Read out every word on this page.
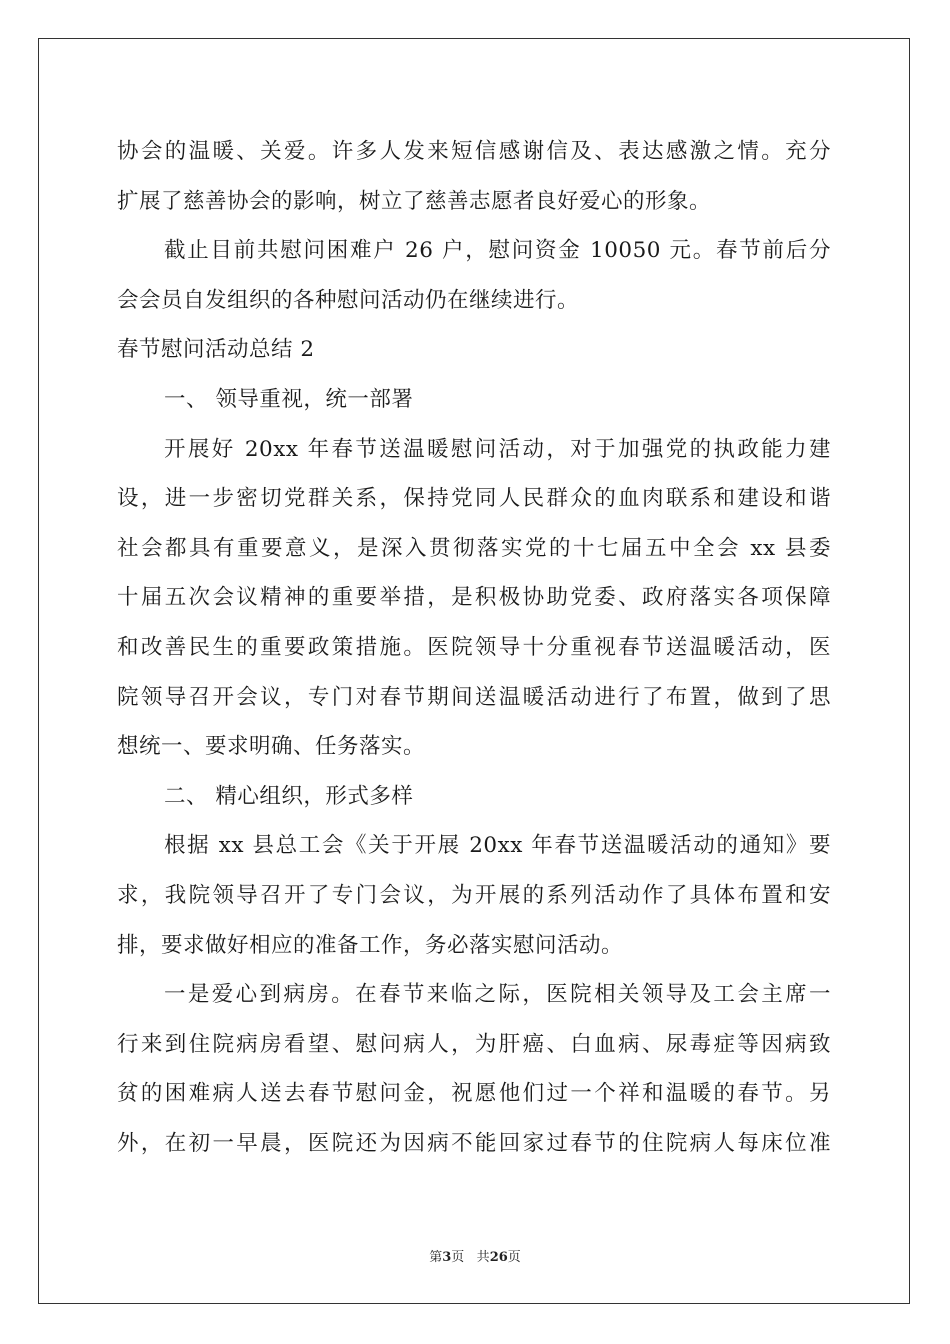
协会的温暖、关爱。许多人发来短信感谢信及、表达感激之情。充分
扩展了慈善协会的影响，树立了慈善志愿者良好爱心的形象。
截止目前共慰问困难户 26 户，慰问资金 10050 元。春节前后分
会会员自发组织的各种慰问活动仍在继续进行。
春节慰问活动总结 2
一、 领导重视，统一部署
开展好 20xx 年春节送温暖慰问活动，对于加强党的执政能力建
设，进一步密切党群关系，保持党同人民群众的血肉联系和建设和谐
社会都具有重要意义，是深入贯彻落实党的十七届五中全会 xx 县委
十届五次会议精神的重要举措，是积极协助党委、政府落实各项保障
和改善民生的重要政策措施。医院领导十分重视春节送温暖活动，医
院领导召开会议，专门对春节期间送温暖活动进行了布置，做到了思
想统一、要求明确、任务落实。
二、 精心组织，形式多样
根据 xx 县总工会《关于开展 20xx 年春节送温暖活动的通知》要
求，我院领导召开了专门会议，为开展的系列活动作了具体布置和安
排，要求做好相应的准备工作，务必落实慰问活动。
一是爱心到病房。在春节来临之际，医院相关领导及工会主席一
行来到住院病房看望、慰问病人，为肝癌、白血病、尿毒症等因病致
贫的困难病人送去春节慰问金，祝愿他们过一个祥和温暖的春节。另
外，在初一早晨，医院还为因病不能回家过春节的住院病人每床位准
第3页 共26页
